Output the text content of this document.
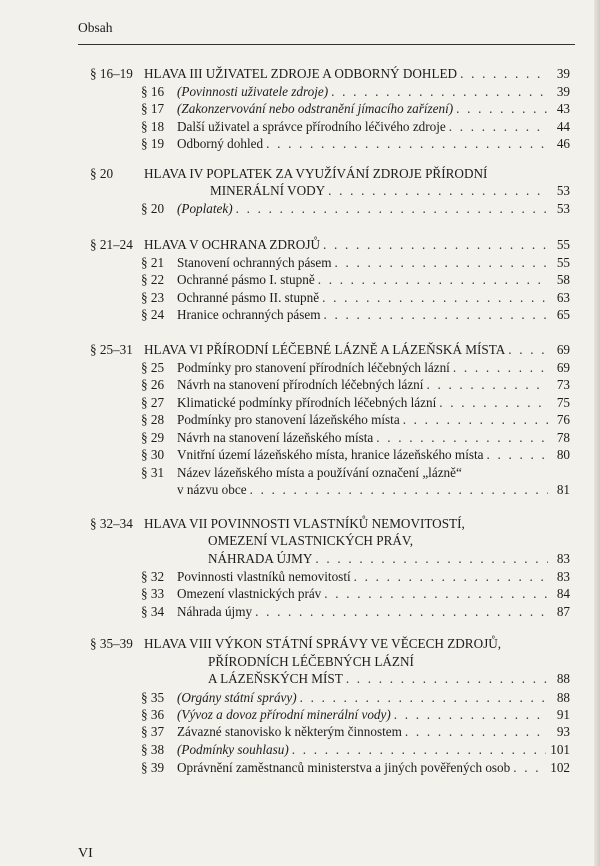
Obsah
§ 16–19 HLAVA III UŽIVATEL ZDROJE A ODBORNÝ DOHLED . . .	39
§ 16 (Povinnosti uživatele zdroje) . . .	39
§ 17 (Zakonzervování nebo odstranění jímacího zařízení) . . .	43
§ 18 Další uživatel a správce přírodního léčivého zdroje . . .	44
§ 19 Odborný dohled . . .	46
§ 20 HLAVA IV POPLATEK ZA VYUŽÍVÁNÍ ZDROJE PŘÍRODNÍ
MINERÁLNÍ VODY . . .	53
§ 20 (Poplatek) . . .	53
§ 21–24 HLAVA V OCHRANA ZDROJŮ . . .	55
§ 21 Stanovení ochranných pásem . . .	55
§ 22 Ochranné pásmo I. stupně . . .	58
§ 23 Ochranné pásmo II. stupně . . .	63
§ 24 Hranice ochranných pásem . . .	65
§ 25–31 HLAVA VI PŘÍRODNÍ LÉČEBNÉ LÁZNĚ A LÁZEŇSKÁ MÍSTA . . .	69
§ 25 Podmínky pro stanovení přírodních léčebných lázní . . .	69
§ 26 Návrh na stanovení přírodních léčebných lázní . . .	73
§ 27 Klimatické podmínky přírodních léčebných lázní . . .	75
§ 28 Podmínky pro stanovení lázeňského místa . . .	76
§ 29 Návrh na stanovení lázeňského místa . . .	78
§ 30 Vnitřní území lázeňského místa, hranice lázeňského místa . . .	80
§ 31 Název lázeňského místa a používání označení „lázně“
v názvu obce . . .	81
§ 32–34 HLAVA VII POVINNOSTI VLASTNÍKŮ NEMOVITOSTÍ,
OMEZENÍ VLASTNICKÝCH PRÁV,
NÁHRADA ÚJMY . . .	83
§ 32 Povinnosti vlastníků nemovitostí . . .	83
§ 33 Omezení vlastnických práv . . .	84
§ 34 Náhrada újmy . . .	87
§ 35–39 HLAVA VIII VÝKON STÁTNÍ SPRÁVY VE VĚCECH ZDROJŮ,
PŘÍRODNÍCH LÉČEBNÝCH LÁZNÍ
A LÁZEŇSKÝCH MÍST . . .	88
§ 35 (Orgány státní správy) . . .	88
§ 36 (Vývoz a dovoz přírodní minerální vody) . . .	91
§ 37 Závazné stanovisko k některým činnostem . . .	93
§ 38 (Podmínky souhlasu) . . .	101
§ 39 Oprávnění zaměstnanců ministerstva a jiných pověřených osob . . .	102
VI
